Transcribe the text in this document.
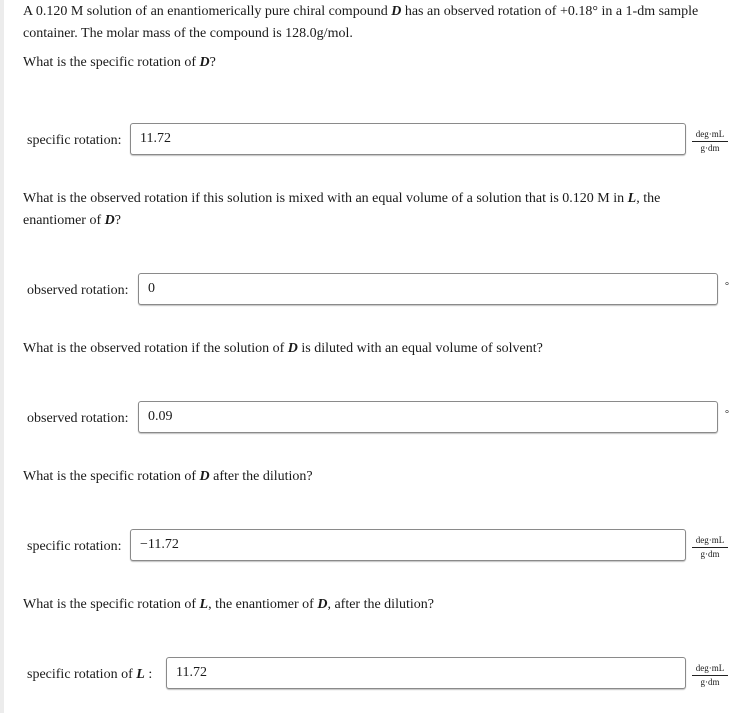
A 0.120 M solution of an enantiomerically pure chiral compound D has an observed rotation of +0.18° in a 1-dm sample
container. The molar mass of the compound is 128.0g/mol.
What is the specific rotation of D?
specific rotation:	11.72	deg·mL
g·dm
What is the observed rotation if this solution is mixed with an equal volume of a solution that is 0.120 M in L, the
enantiomer of D?
observed rotation:	0	°
What is the observed rotation if the solution of D is diluted with an equal volume of solvent?
observed rotation:	0.09	°
What is the specific rotation of D after the dilution?
specific rotation:	−11.72	deg·mL
g·dm
What is the specific rotation of L, the enantiomer of D, after the dilution?
specific rotation of L :	11.72	deg·mL
g·dm
